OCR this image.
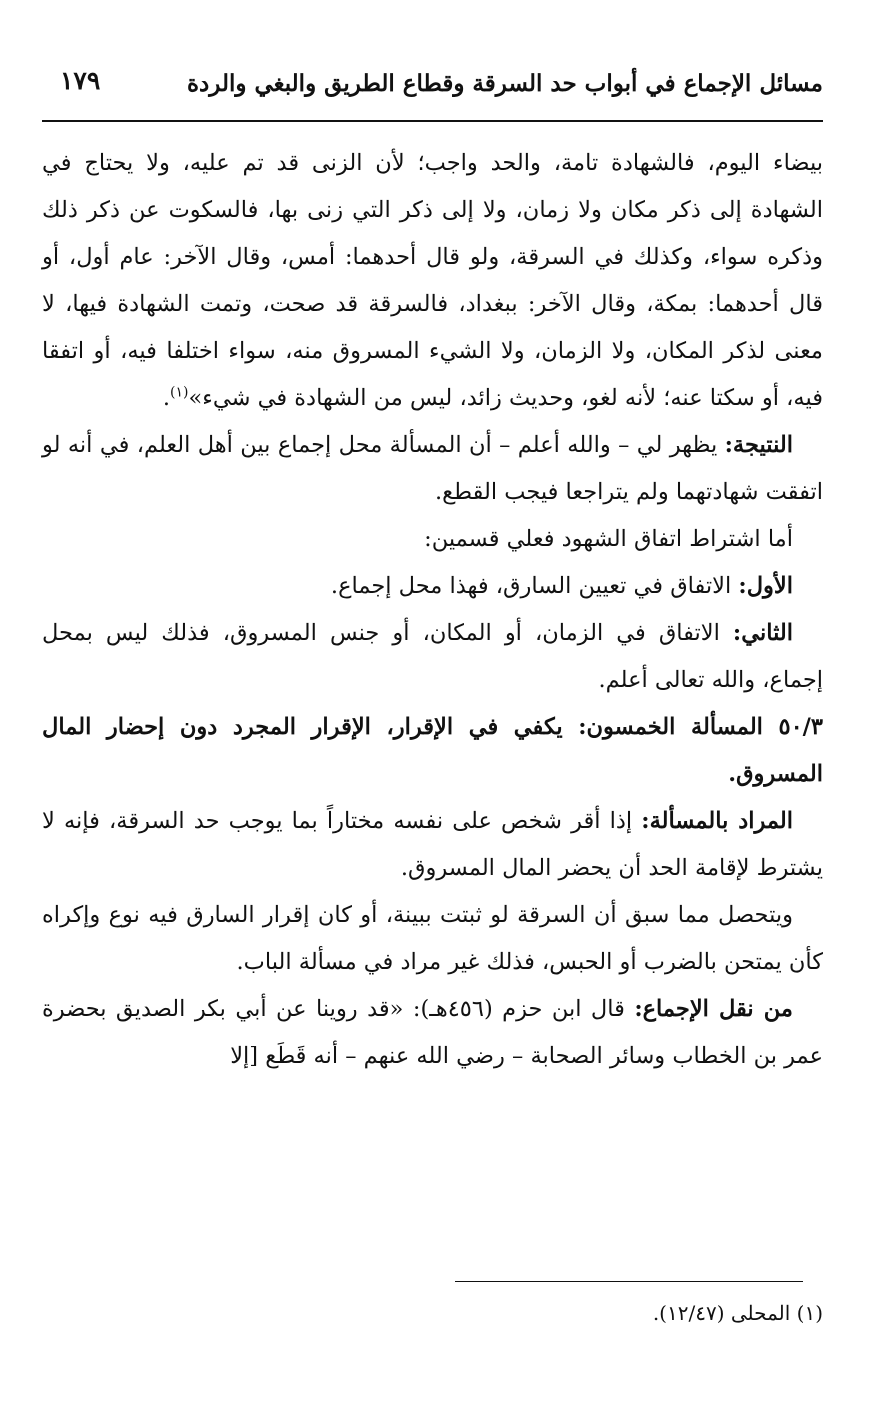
مسائل الإجماع في أبواب حد السرقة وقطاع الطريق والبغي والردة
١٧٩

بيضاء اليوم، فالشهادة تامة، والحد واجب؛ لأن الزنى قد تم عليه، ولا يحتاج في الشهادة إلى ذكر مكان ولا زمان، ولا إلى ذكر التي زنى بها، فالسكوت عن ذكر ذلك وذكره سواء، وكذلك في السرقة، ولو قال أحدهما: أمس، وقال الآخر: عام أول، أو قال أحدهما: بمكة، وقال الآخر: ببغداد، فالسرقة قد صحت، وتمت الشهادة فيها، لا معنى لذكر المكان، ولا الزمان، ولا الشيء المسروق منه، سواء اختلفا فيه، أو اتفقا فيه، أو سكتا عنه؛ لأنه لغو، وحديث زائد، ليس من الشهادة في شيء»$^{(١)}$.

النتيجة: يظهر لي – والله أعلم – أن المسألة محل إجماع بين أهل العلم، في أنه لو اتفقت شهادتهما ولم يتراجعا فيجب القطع.

أما اشتراط اتفاق الشهود فعلي قسمين:

الأول: الاتفاق في تعيين السارق، فهذا محل إجماع.

الثاني: الاتفاق في الزمان، أو المكان، أو جنس المسروق، فذلك ليس بمحل إجماع، والله تعالى أعلم.

٥٠/٣ المسألة الخمسون: يكفي في الإقرار، الإقرار المجرد دون إحضار المال المسروق.

المراد بالمسألة: إذا أقر شخص على نفسه مختاراً بما يوجب حد السرقة، فإنه لا يشترط لإقامة الحد أن يحضر المال المسروق.

ويتحصل مما سبق أن السرقة لو ثبتت ببينة، أو كان إقرار السارق فيه نوع وإكراه كأن يمتحن بالضرب أو الحبس، فذلك غير مراد في مسألة الباب.

من نقل الإجماع: قال ابن حزم (٤٥٦هـ): «قد روينا عن أبي بكر الصديق بحضرة عمر بن الخطاب وسائر الصحابة – رضي الله عنهم – أنه قَطَع [إلا

(١) المحلى (١٢/٤٧).
